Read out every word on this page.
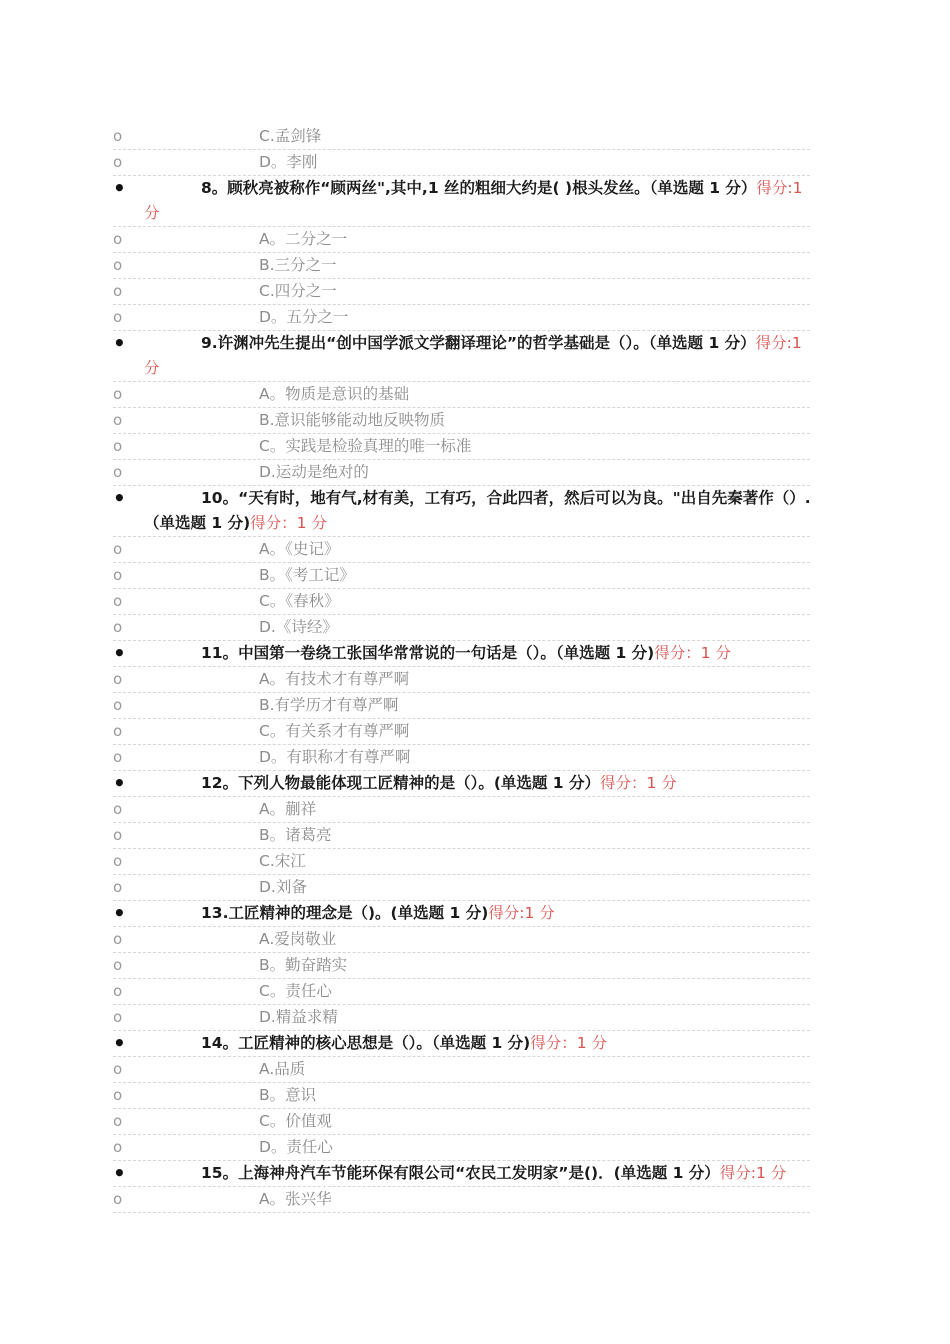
o	C.孟剑锋
o	D。李刚
•	8。顾秋亮被称作“顾两丝",其中,1 丝的粗细大约是( )根头发丝。（单选题 1 分）得分:1 分
o	A。二分之一
o	B.三分之一
o	C.四分之一
o	D。五分之一
•	9.许渊冲先生提出“创中国学派文学翻译理论”的哲学基础是（）。（单选题 1 分）得分:1 分
o	A。物质是意识的基础
o	B.意识能够能动地反映物质
o	C。实践是检验真理的唯一标准
o	D.运动是绝对的
•	10。“天有时，地有气,材有美，工有巧，合此四者，然后可以为良。"出自先秦著作（）.（单选题 1 分)得分：1 分
o	A。《史记》
o	B。《考工记》
o	C。《春秋》
o	D.《诗经》
•	11。中国第一卷绕工张国华常常说的一句话是（）。（单选题 1 分)得分：1 分
o	A。有技术才有尊严啊
o	B.有学历才有尊严啊
o	C。有关系才有尊严啊
o	D。有职称才有尊严啊
•	12。下列人物最能体现工匠精神的是（）。(单选题 1 分）得分：1 分
o	A。蒯祥
o	B。诸葛亮
o	C.宋江
o	D.刘备
•	13.工匠精神的理念是（)。(单选题 1 分)得分:1 分
o	A.爱岗敬业
o	B。勤奋踏实
o	C。责任心
o	D.精益求精
•	14。工匠精神的核心思想是（）。（单选题 1 分)得分：1 分
o	A.品质
o	B。意识
o	C。价值观
o	D。责任心
•	15。上海神舟汽车节能环保有限公司“农民工发明家”是()．(单选题 1 分）得分:1 分
o	A。张兴华
